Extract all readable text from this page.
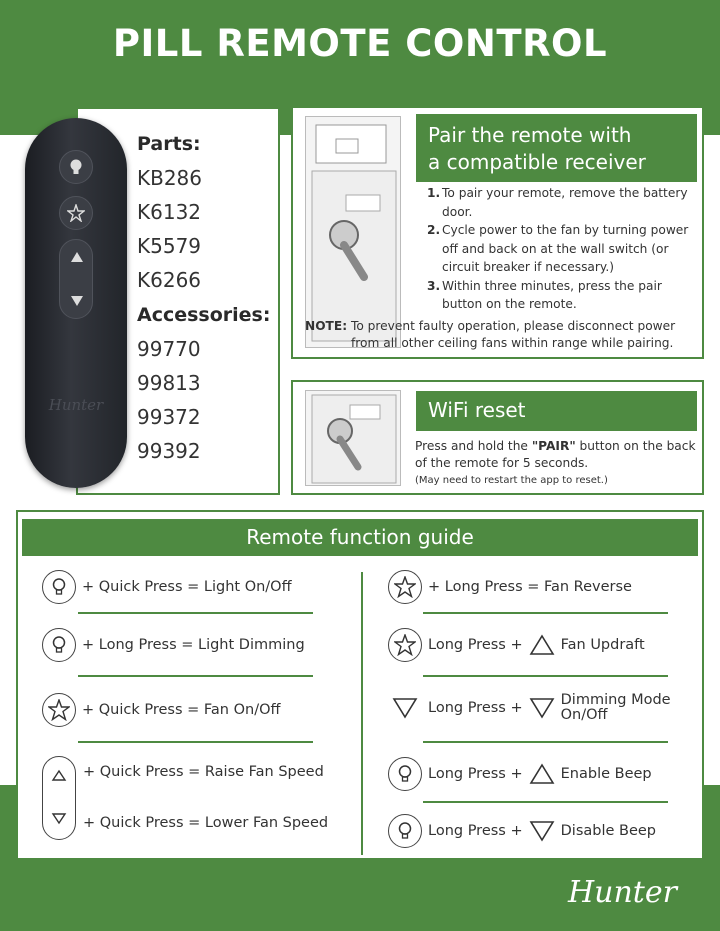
PILL REMOTE CONTROL
Hunter
Parts:
KB286
K6132
K5579
K6266
Accessories:
99770
99813
99372
99392
Pair the remote with
a compatible receiver
1. To pair your remote, remove the battery door.
2. Cycle power to the fan by turning power off and back on at the wall switch (or circuit breaker if necessary.)
3. Within three minutes, press the pair button on the remote.
NOTE: To prevent faulty operation, please disconnect power
from all other ceiling fans within range while pairing.
WiFi reset
Press and hold the "PAIR" button on the back of the remote for 5 seconds.
(May need to restart the app to reset.)
Remote function guide
+ Quick Press = Light On/Off
+ Long Press = Light Dimming
+ Quick Press = Fan On/Off
+ Quick Press = Raise Fan Speed
+ Quick Press = Lower Fan Speed
+ Long Press = Fan Reverse
Long Press +	Fan Updraft
Long Press +	Dimming Mode
On/Off
Long Press +	Enable Beep
Long Press +	Disable Beep
Hunter
